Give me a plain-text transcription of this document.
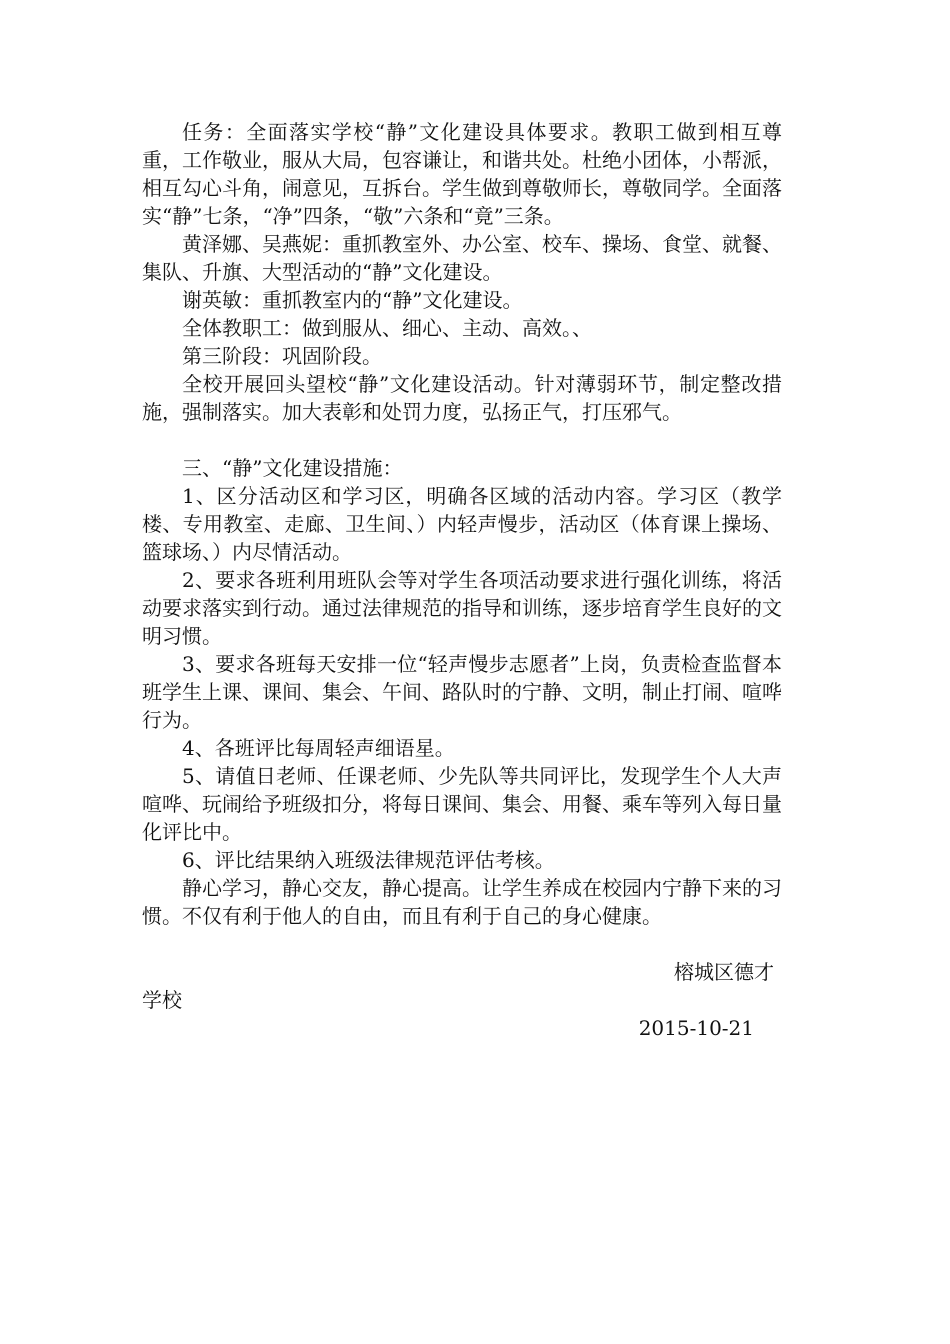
任务：全面落实学校“静”文化建设具体要求。教职工做到相互尊重，工作敬业，服从大局，包容谦让，和谐共处。杜绝小团体，小帮派，相互勾心斗角，闹意见，互拆台。学生做到尊敬师长，尊敬同学。全面落实“静”七条，“净”四条，“敬”六条和“竟”三条。

黄泽娜、吴燕妮：重抓教室外、办公室、校车、操场、食堂、就餐、集队、升旗、大型活动的“静”文化建设。

谢英敏：重抓教室内的“静”文化建设。

全体教职工：做到服从、细心、主动、高效。、

第三阶段：巩固阶段。

全校开展回头望校“静”文化建设活动。针对薄弱环节，制定整改措施，强制落实。加大表彰和处罚力度，弘扬正气，打压邪气。

三、“静”文化建设措施：

1、区分活动区和学习区，明确各区域的活动内容。学习区（教学楼、专用教室、走廊、卫生间、）内轻声慢步，活动区（体育课上操场、篮球场、）内尽情活动。

2、要求各班利用班队会等对学生各项活动要求进行强化训练，将活动要求落实到行动。通过法律规范的指导和训练，逐步培育学生良好的文明习惯。

3、要求各班每天安排一位“轻声慢步志愿者”上岗，负责检查监督本班学生上课、课间、集会、午间、路队时的宁静、文明，制止打闹、喧哗行为。

4、各班评比每周轻声细语星。

5、请值日老师、任课老师、少先队等共同评比，发现学生个人大声喧哗、玩闹给予班级扣分，将每日课间、集会、用餐、乘车等列入每日量化评比中。

6、评比结果纳入班级法律规范评估考核。

静心学习，静心交友，静心提高。让学生养成在校园内宁静下来的习惯。不仅有利于他人的自由，而且有利于自己的身心健康。

榕城区德才

学校

2015-10-21
